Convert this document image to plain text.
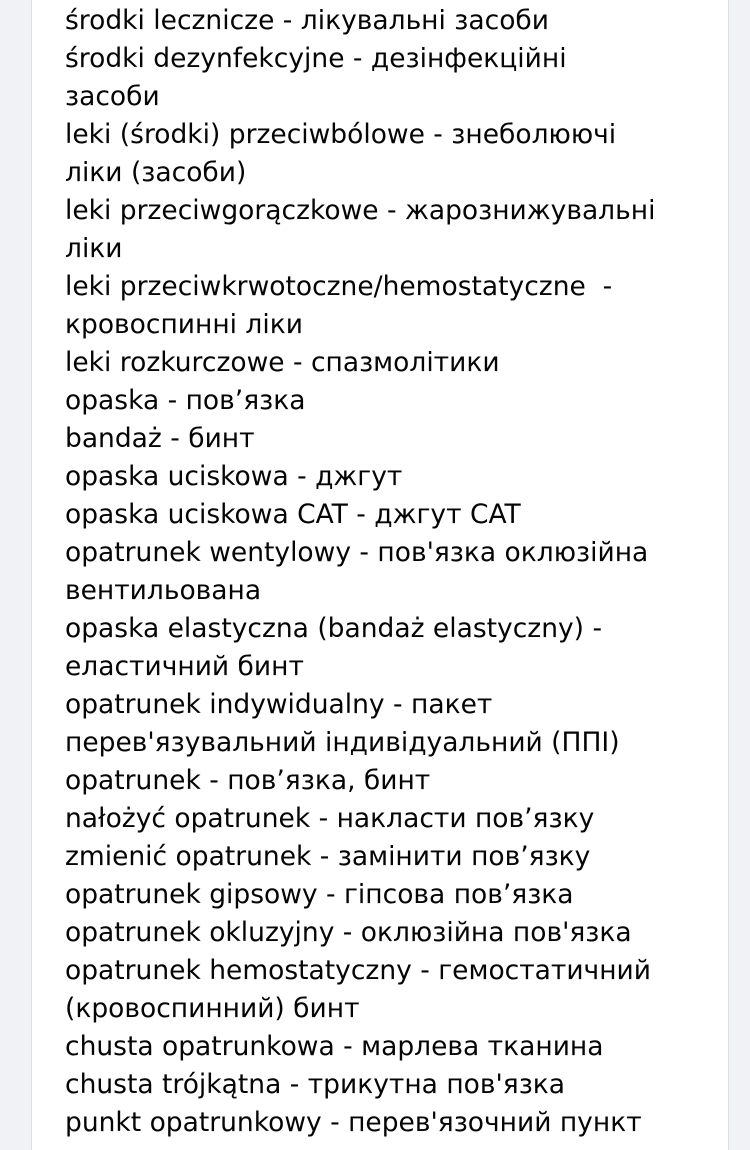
środki lecznicze - лікувальні засоби
środki dezynfekcyjne - дезінфекційні
засоби
leki (środki) przeciwbólowe - знеболюючі
ліки (засоби)
leki przeciwgorączkowe - жарознижувальні
ліки
leki przeciwkrwotoczne/hemostatyczne  -
кровоспинні ліки
leki rozkurczowe - спазмолітики
opaska - пов’язка
bandaż - бинт
opaska uciskowa - джгут
opaska uciskowa CAT - джгут CAT
opatrunek wentylowy - пов'язка оклюзійна
вентильована
opaska elastyczna (bandaż elastyczny) -
еластичний бинт
opatrunek indywidualny - пакет
перев'язувальний індивідуальний (ППІ)
opatrunek - пов’язка, бинт
nałożyć opatrunek - накласти пов’язку
zmienić opatrunek - замінити пов’язку
opatrunek gipsowy - гіпсова пов’язка
opatrunek okluzyjny - оклюзійна пов'язка
opatrunek hemostatyczny - гемостатичний
(кровоспинний) бинт
chusta opatrunkowa - марлева тканина
chusta trójkątna - трикутна пов'язка
punkt opatrunkowy - перев'язочний пункт
